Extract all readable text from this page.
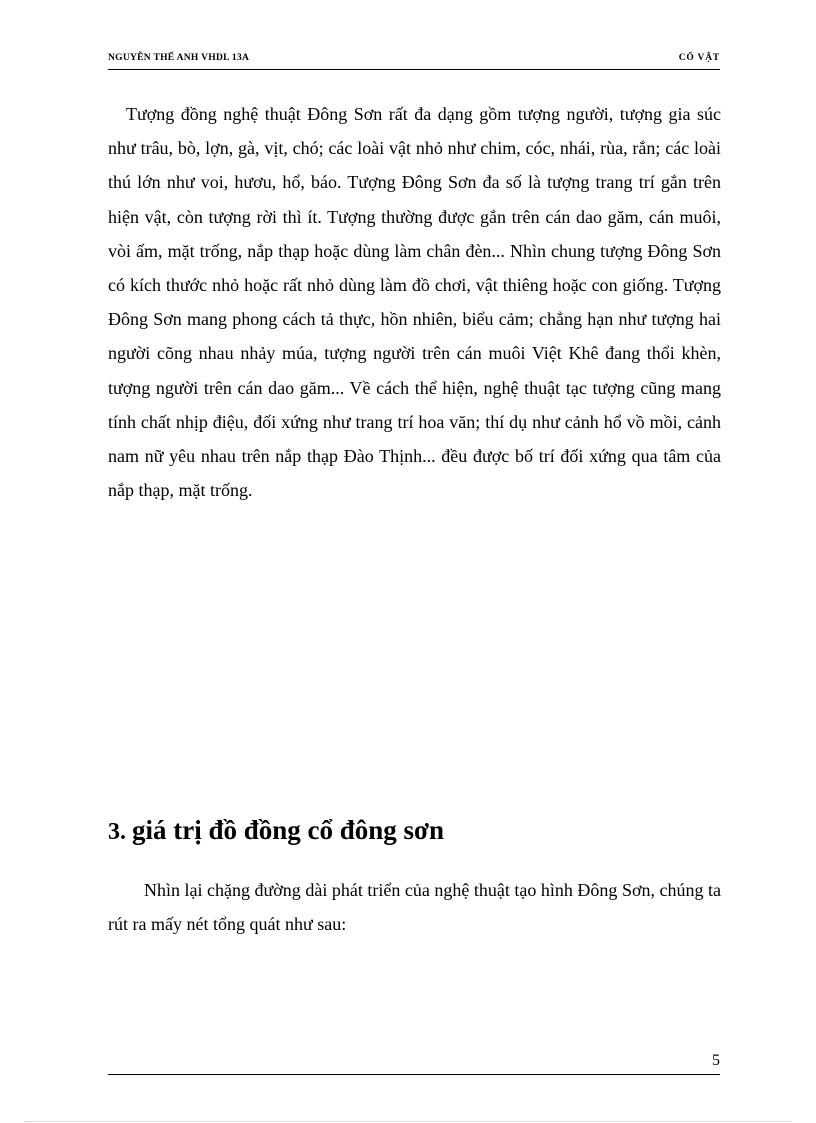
NGUYỄN THẾ ANH VHDL 13A	CỔ VẬT

Tượng đồng nghệ thuật Đông Sơn rất đa dạng gồm tượng người, tượng gia súc như trâu, bò, lợn, gà, vịt, chó; các loài vật nhỏ như chim, cóc, nhái, rùa, rắn; các loài thú lớn như voi, hươu, hổ, báo. Tượng Đông Sơn đa số là tượng trang trí gắn trên hiện vật, còn tượng rời thì ít. Tượng thường được gắn trên cán dao găm, cán muôi, vòi ấm, mặt trống, nắp thạp hoặc dùng làm chân đèn... Nhìn chung tượng Đông Sơn có kích thước nhỏ hoặc rất nhỏ dùng làm đồ chơi, vật thiêng hoặc con giống. Tượng Đông Sơn mang phong cách tả thực, hồn nhiên, biểu cảm; chẳng hạn như tượng hai người cõng nhau nhảy múa, tượng người trên cán muôi Việt Khê đang thổi khèn, tượng người trên cán dao găm... Về cách thể hiện, nghệ thuật tạc tượng cũng mang tính chất nhịp điệu, đối xứng như trang trí hoa văn; thí dụ như cảnh hổ vồ mồi, cảnh nam nữ yêu nhau trên nắp thạp Đào Thịnh... đều được bố trí đối xứng qua tâm của nắp thạp, mặt trống.

3. giá trị đồ đồng cổ đông sơn

Nhìn lại chặng đường dài phát triển của nghệ thuật tạo hình Đông Sơn, chúng ta rút ra mấy nét tổng quát như sau:

5
